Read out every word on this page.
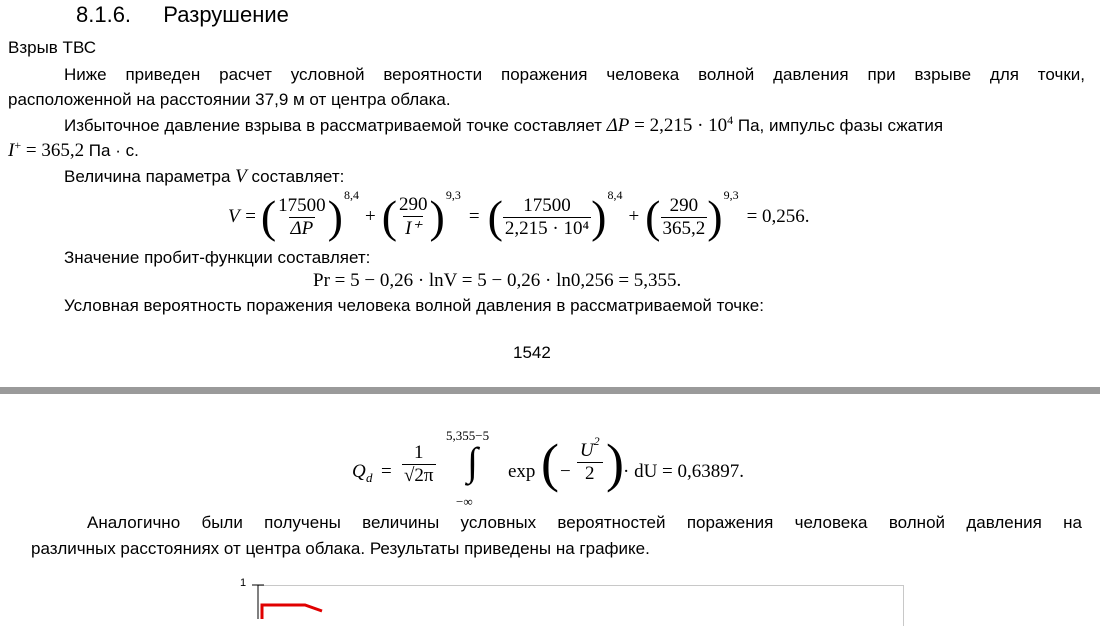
8.1.6. Разрушение
Взрыв ТВС
Ниже приведен расчет условной вероятности поражения человека волной давления при взрыве для точки,
расположенной на расстоянии 37,9 м от центра облака.
Избыточное давление взрыва в рассматриваемой точке составляет $\Delta P = 2,215 \cdot 10^4$ Па, импульс фазы сжатия
I+ = 365,2 Па · с.
Величина параметра V составляет:
V = ( $\frac{17500}{\Delta P}$ ) 8,4
+ ( $\frac{290}{I^+}$ ) 9,3
= ( $\frac{17500}{\text{2,215 · 10⁴}}$ ) 8,4
+ ( $\frac{290}{365,2}$ ) 9,3
= 0,256.
Значение пробит-функции составляет:
Pr = 5 − 0,26 · lnV = 5 − 0,26 · ln0,256 = 5,355.
Условная вероятность поражения человека волной давления в рассматриваемой точке:
1542
Q $d = \frac{1}{√2\pi}$
5,355−5
∫
−∞
exp ( − $\frac{U^2}{2}$ ) · dU = 0,63897.
Аналогично были получены величины условных вероятностей поражения человека волной давления на
различных расстояниях от центра облака. Результаты приведены на графике.
1
